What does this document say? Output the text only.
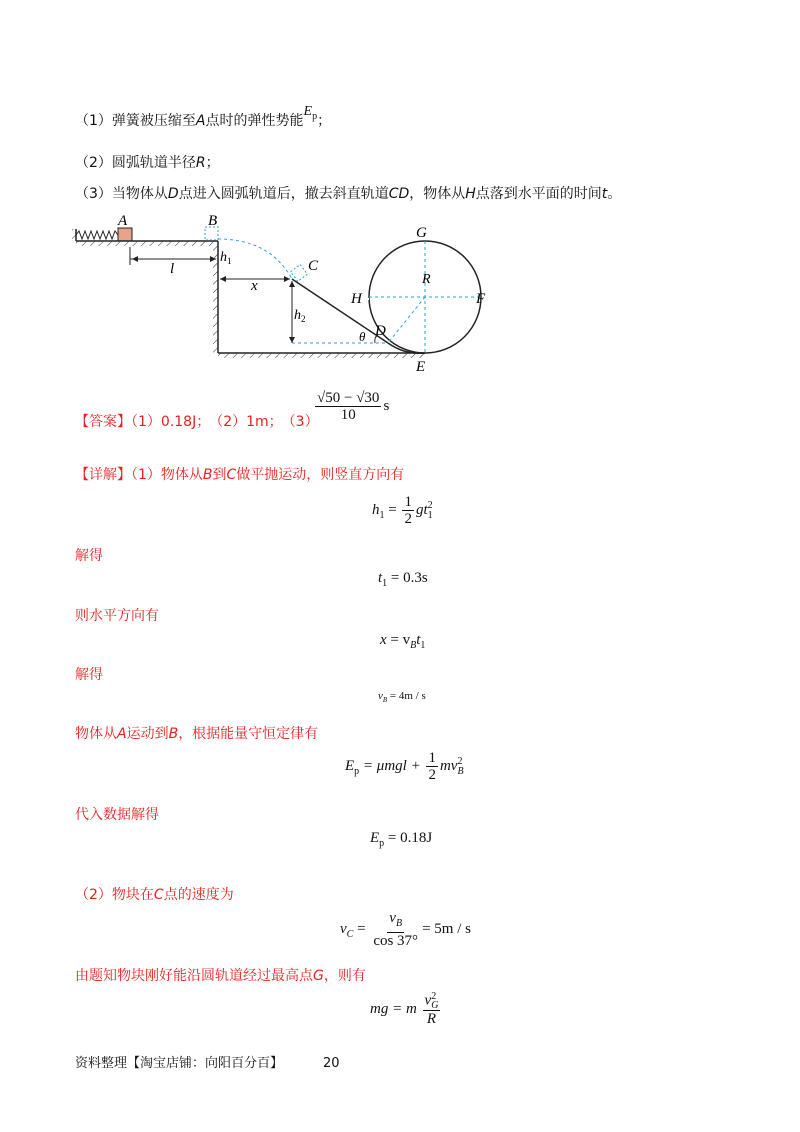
（1）弹簧被压缩至A点时的弹性势能$E_p$；
（2）圆弧轨道半径R；
（3）当物体从D点进入圆弧轨道后，撤去斜直轨道CD，物体从H点落到水平面的时间t。
A	B
C
D
E
F
G
H
R
$h_1$
$h_2$
l
x
θ
【答案】（1）0.18J； （2）1m； （3）
$\frac{√50 - √30}{10}$ s
【详解】（1）物体从B到C做平抛运动，则竖直方向有
$h_1 = \frac{1}{2}$ gt 2
1
解得
$t_1 = 0.3s$
则水平方向有
$x = v_Bt_1$
解得
$v_B = 4m / s$
物体从A运动到B，根据能量守恒定律有
$E_p = \mu mgl + \frac{1}{2}$ mv 2
B
代入数据解得
$E_p = 0.18J$
（2）物块在C点的速度为
$v_C = \frac{v_B}{\cos 37^\circ} = 5m / s$
由题知物块刚好能沿圆轨道经过最高点G，则有
mg = m v 2
G
R
资料整理【淘宝店铺：向阳百分百】	20
